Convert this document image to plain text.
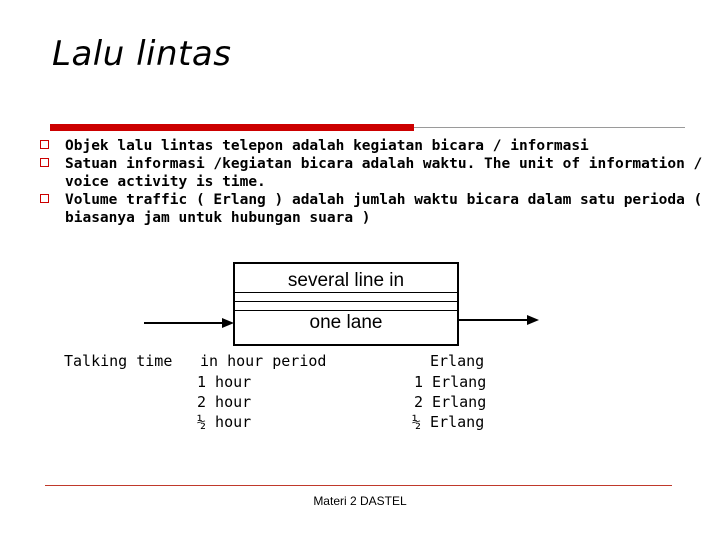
Lalu lintas
Objek lalu lintas telepon adalah kegiatan bicara / informasi
Satuan informasi /kegiatan bicara adalah waktu. The unit of information / voice activity is time.
Volume traffic ( Erlang ) adalah jumlah waktu bicara dalam satu perioda ( biasanya jam untuk hubungan suara )
several line in
one lane
Talking time in hour period	Erlang
1 hour	1 Erlang
2 hour	2 Erlang
½ hour	½ Erlang
Materi 2 DASTEL
